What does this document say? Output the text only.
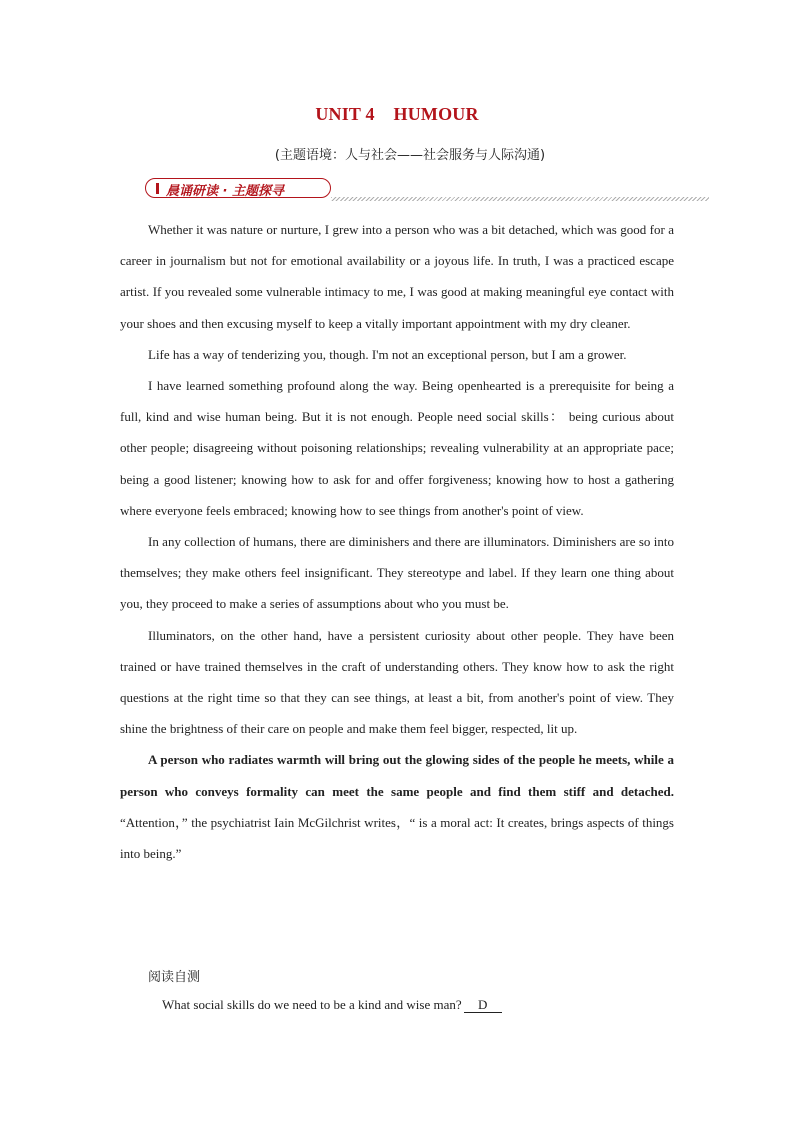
UNIT 4    HUMOUR
(主题语境：人与社会——社会服务与人际沟通)
晨诵研读 · 主题探寻

Whether it was nature or nurture, I grew into a person who was a bit detached, which was good for a career in journalism but not for emotional availability or a joyous life. In truth, I was a practiced escape artist. If you revealed some vulnerable intimacy to me, I was good at making meaningful eye contact with your shoes and then excusing myself to keep a vitally important appointment with my dry cleaner.

Life has a way of tenderizing you, though. I'm not an exceptional person, but I am a grower.

I have learned something profound along the way. Being openhearted is a prerequisite for being a full, kind and wise human being. But it is not enough. People need social skills： being curious about other people; disagreeing without poisoning relationships; revealing vulnerability at an appropriate pace; being a good listener; knowing how to ask for and offer forgiveness; knowing how to host a gathering where everyone feels embraced; knowing how to see things from another's point of view.

In any collection of humans, there are diminishers and there are illuminators. Diminishers are so into themselves; they make others feel insignificant. They stereotype and label. If they learn one thing about you, they proceed to make a series of assumptions about who you must be.

Illuminators, on the other hand, have a persistent curiosity about other people. They have been trained or have trained themselves in the craft of understanding others. They know how to ask the right questions at the right time so that they can see things, at least a bit, from another's point of view. They shine the brightness of their care on people and make them feel bigger, respected, lit up.

A person who radiates warmth will bring out the glowing sides of the people he meets, while a person who conveys formality can meet the same people and find them stiff and detached. “Attention，” the psychiatrist Iain McGilchrist writes，“ is a moral act: It creates, brings aspects of things into being.”

阅读自测
What social skills do we need to be a kind and wise man? D
